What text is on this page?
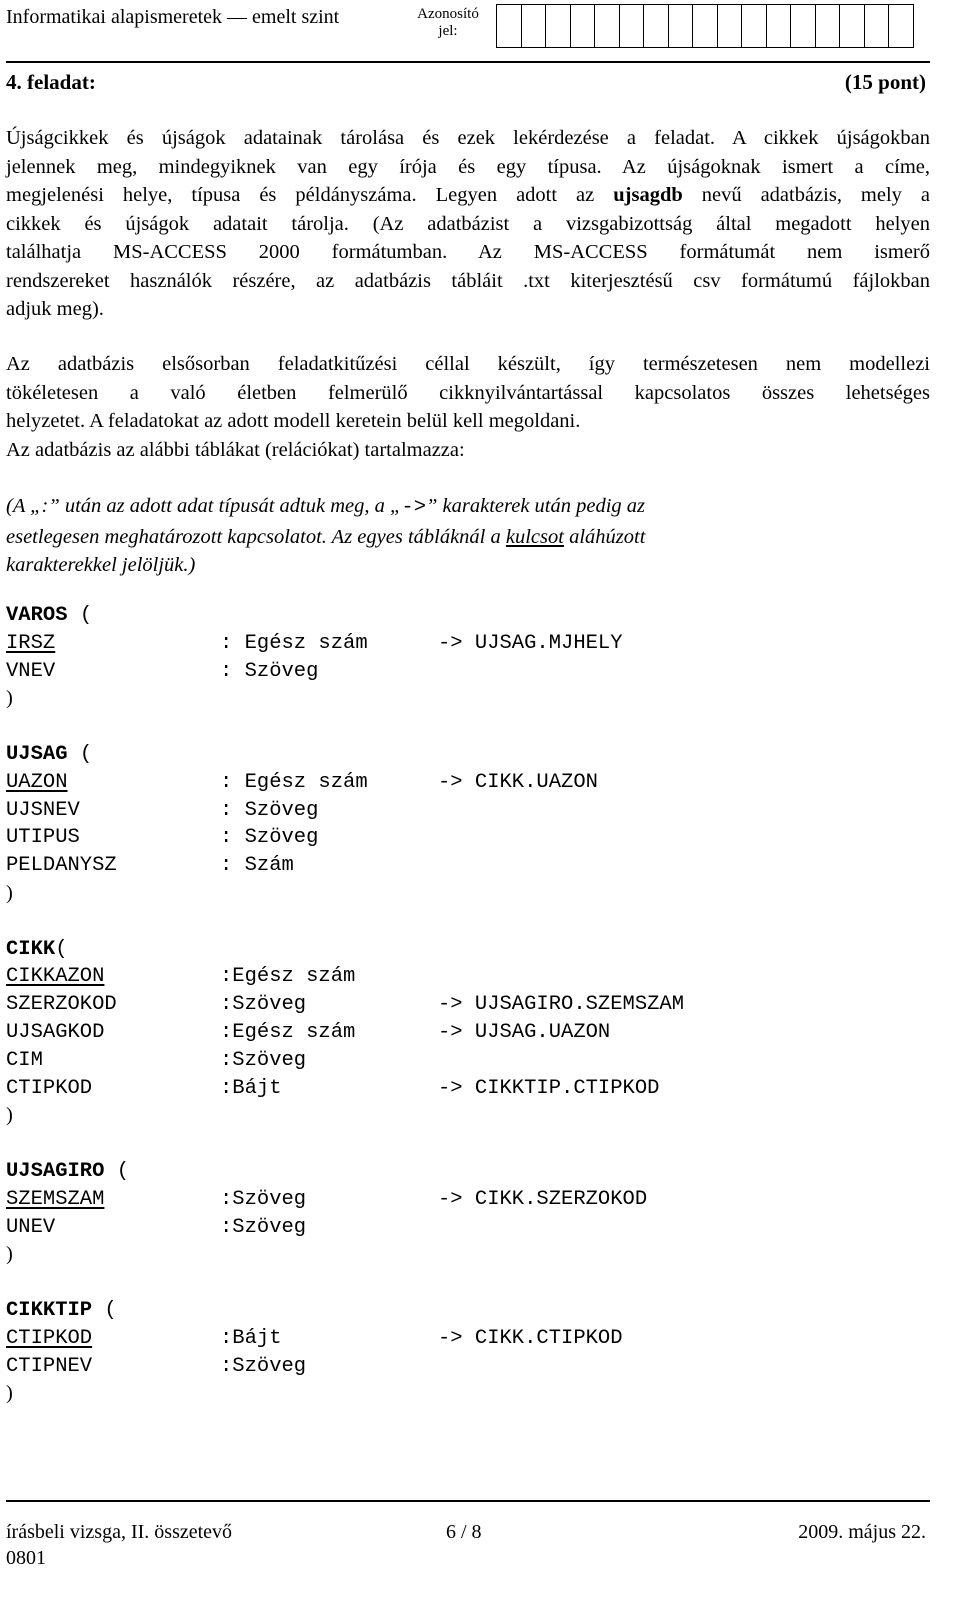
Informatikai alapismeretek — emelt szint	Azonosító
jel:
4. feladat:	(15 pont)
Újságcikkek és újságok adatainak tárolása és ezek lekérdezése a feladat. A cikkek újságokban
jelennek meg, mindegyiknek van egy írója és egy típusa. Az újságoknak ismert a címe,
megjelenési helye, típusa és példányszáma. Legyen adott az ujsagdb nevű adatbázis, mely a
cikkek és újságok adatait tárolja. (Az adatbázist a vizsgabizottság által megadott helyen
találhatja MS-ACCESS 2000 formátumban. Az MS-ACCESS formátumát nem ismerő
rendszereket használók részére, az adatbázis tábláit .txt kiterjesztésű csv formátumú fájlokban
adjuk meg).
Az adatbázis elsősorban feladatkitűzési céllal készült, így természetesen nem modellezi
tökéletesen a való életben felmerülő cikknyilvántartással kapcsolatos összes lehetséges
helyzetet. A feladatokat az adott modell keretein belül kell megoldani.
Az adatbázis az alábbi táblákat (relációkat) tartalmazza:
(A „:” után az adott adat típusát adtuk meg, a „->” karakterek után pedig az
esetlegesen meghatározott kapcsolatot. Az egyes tábláknál a kulcsot aláhúzott
karakterekkel jelöljük.)
VAROS (
IRSZ	: Egész szám	-> UJSAG.MJHELY
VNEV	: Szöveg
)
UJSAG (
UAZON	: Egész szám	-> CIKK.UAZON
UJSNEV	: Szöveg
UTIPUS	: Szöveg
PELDANYSZ	: Szám
)
CIKK(
CIKKAZON	:Egész szám
SZERZOKOD	:Szöveg	-> UJSAGIRO.SZEMSZAM
UJSAGKOD	:Egész szám	-> UJSAG.UAZON
CIM	:Szöveg
CTIPKOD	:Bájt	-> CIKKTIP.CTIPKOD
)
UJSAGIRO (
SZEMSZAM	:Szöveg	-> CIKK.SZERZOKOD
UNEV	:Szöveg
)
CIKKTIP (
CTIPKOD	:Bájt	-> CIKK.CTIPKOD
CTIPNEV	:Szöveg
)
írásbeli vizsga, II. összetevő	6 / 8	2009. május 22.
0801
